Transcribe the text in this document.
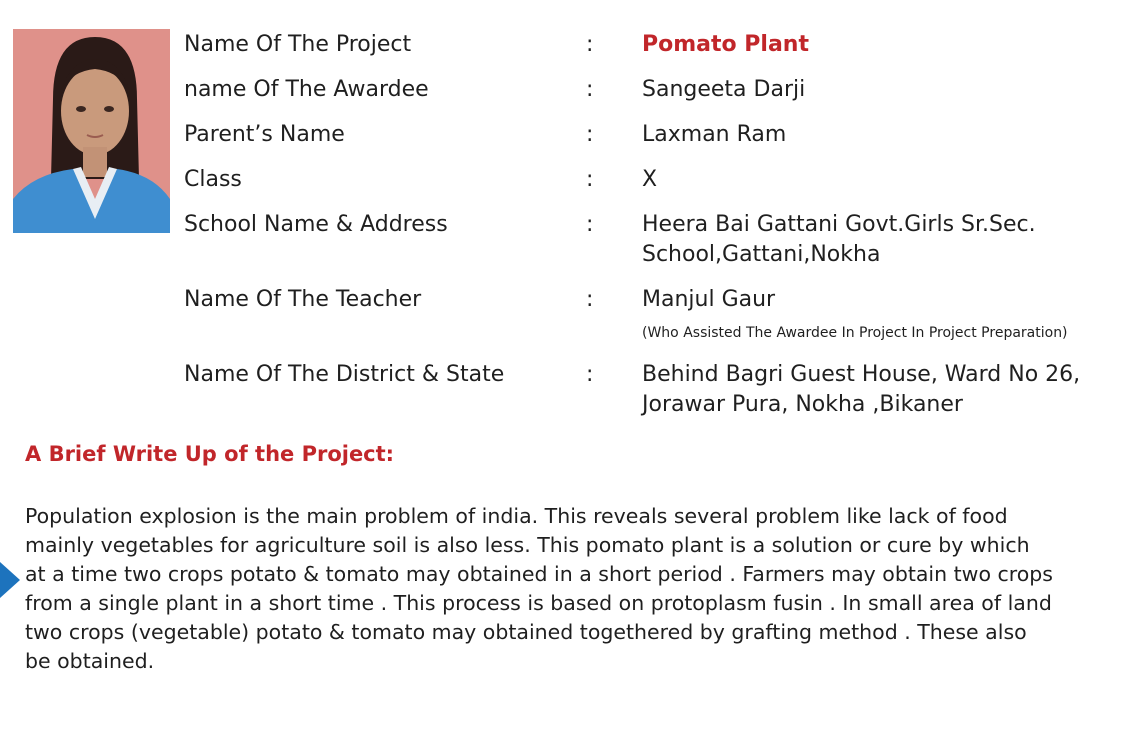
Name Of The Project	: Pomato Plant
name Of The Awardee	: Sangeeta Darji
Parent’s Name	: Laxman Ram
Class	: X
School Name & Address	: Heera Bai Gattani Govt.Girls Sr.Sec. School,Gattani,Nokha
Name Of The Teacher	: Manjul Gaur
(Who Assisted The Awardee In Project In Project Preparation)
Name Of The District & State	: Behind Bagri Guest House, Ward No 26, Jorawar Pura, Nokha ,Bikaner
A Brief Write Up of the Project:
Population explosion is the main problem of india. This reveals several problem like lack of food mainly vegetables for agriculture soil is also less. This pomato plant is a solution or cure by which at a time two crops potato & tomato may obtained in a short period . Farmers may obtain two crops from a single plant in a short time . This process is based on protoplasm fusin . In small area of land two crops (vegetable) potato & tomato may obtained togethered by grafting method . These also be obtained.
